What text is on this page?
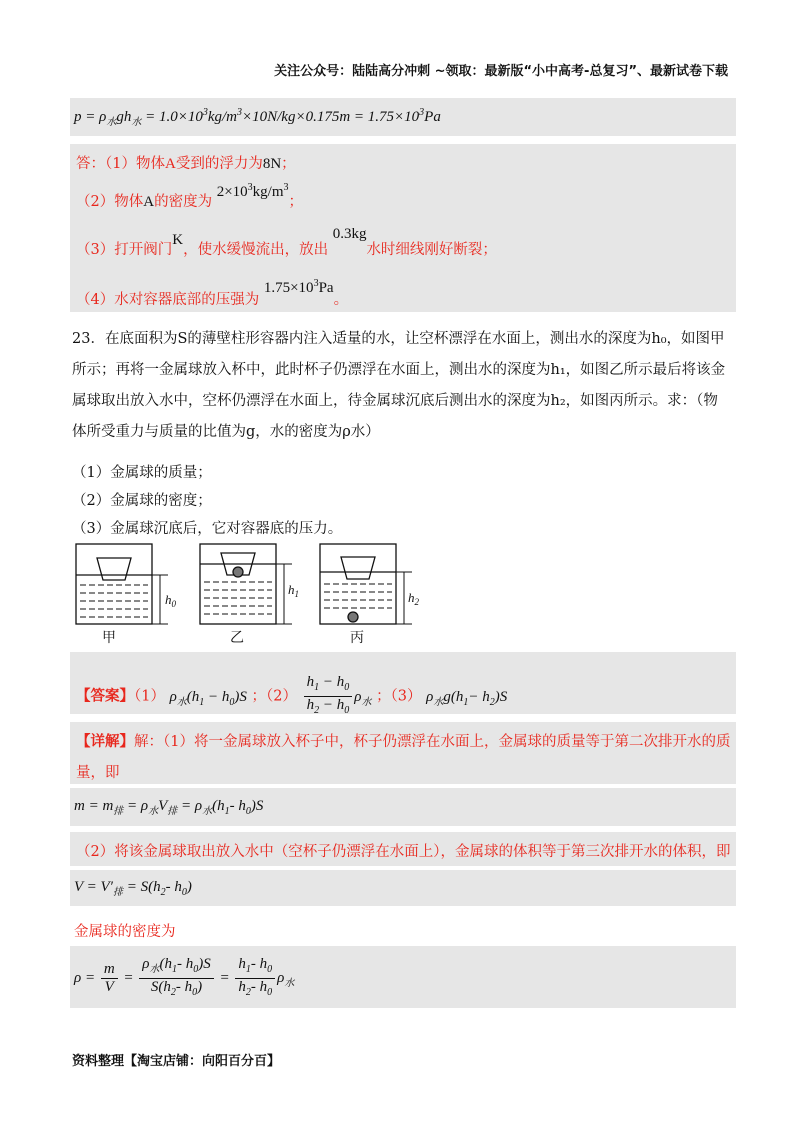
关注公众号：陆陆高分冲刺 ~领取：最新版“小中高考-总复习”、最新试卷下载
$p = \rho_水gh_水 = 1.0\times 10^3kg/m^3\times 10N/kg\times 0.175m = 1.75\times 10^3Pa$
答：（1）物体A受到的浮力为8N；
（2）物体A的密度为 $2\times 10^3kg/m^3$；
（3）打开阀门K，使水缓慢流出，放出 0.3kg水时细线刚好断裂；
（4）水对容器底部的压强为 $1.75\times 10^3Pa$。
23．在底面积为S的薄壁柱形容器内注入适量的水，让空杯漂浮在水面上，测出水的深度为h₀，如图甲所示；再将一金属球放入杯中，此时杯子仍漂浮在水面上，测出水的深度为h₁，如图乙所示最后将该金属球取出放入水中，空杯仍漂浮在水面上，待金属球沉底后测出水的深度为h₂，如图丙所示。求：（物体所受重力与质量的比值为g，水的密度为ρ水）
（1）金属球的质量；
（2）金属球的密度；
（3）金属球沉底后，它对容器底的压力。
$h_0$
$h_1$	$h_2$
甲	乙	丙
【答案】（1） $\rho_水(h_1 - h_0)S$ ；$(2) \frac{h_1 - h_0}{h_2 - h_0} \rho_水$ ；（3） $\rho_水g(h_1- h_2)S$
【详解】解：（1）将一金属球放入杯子中，杯子仍漂浮在水面上，金属球的质量等于第二次排开水的质
量，即
$m = m_排 = \rho_水V_排 = \rho_水(h_1-$ $h_0)S$
（2）将该金属球取出放入水中（空杯子仍漂浮在水面上），金属球的体积等于第三次排开水的体积，即
$V = V'_排 = S(h_2-$ $h_0$)
金属球的密度为
$\rho = \frac{m}{V} = \frac{\rho_水(h_1- h_0)S}{S(h_2- h_0)} = \frac{h_1- h_0}{h_2- h_0} \rho_水$
资料整理【淘宝店铺：向阳百分百】
